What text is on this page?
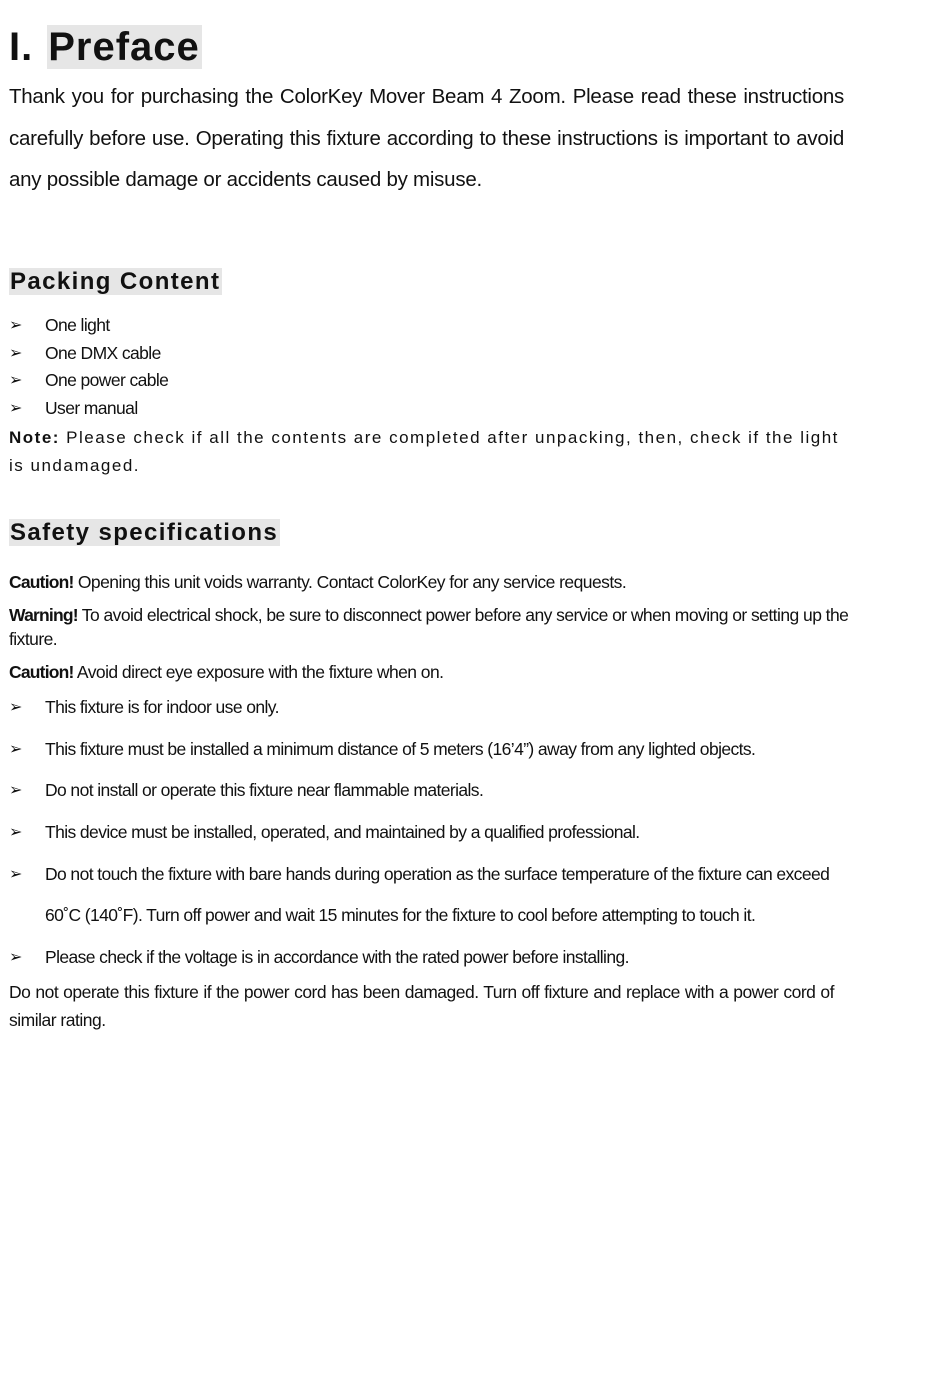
I. Preface
Thank you for purchasing the ColorKey Mover Beam 4 Zoom. Please read these instructions carefully before use. Operating this fixture according to these instructions is important to avoid any possible damage or accidents caused by misuse.
Packing Content
➢ One light
➢ One DMX cable
➢ One power cable
➢ User manual
Note: Please check if all the contents are completed after unpacking, then, check if the light is undamaged.
Safety specifications
Caution! Opening this unit voids warranty. Contact ColorKey for any service requests.
Warning! To avoid electrical shock, be sure to disconnect power before any service or when moving or setting up the fixture.
Caution! Avoid direct eye exposure with the fixture when on.
➢ This fixture is for indoor use only.
➢ This fixture must be installed a minimum distance of 5 meters (16’4”) away from any lighted objects.
➢ Do not install or operate this fixture near flammable materials.
➢ This device must be installed, operated, and maintained by a qualified professional.
➢ Do not touch the fixture with bare hands during operation as the surface temperature of the fixture can exceed
60˚C (140˚F). Turn off power and wait 15 minutes for the fixture to cool before attempting to touch it.
➢ Please check if the voltage is in accordance with the rated power before installing.
Do not operate this fixture if the power cord has been damaged. Turn off fixture and replace with a power cord of similar rating.
